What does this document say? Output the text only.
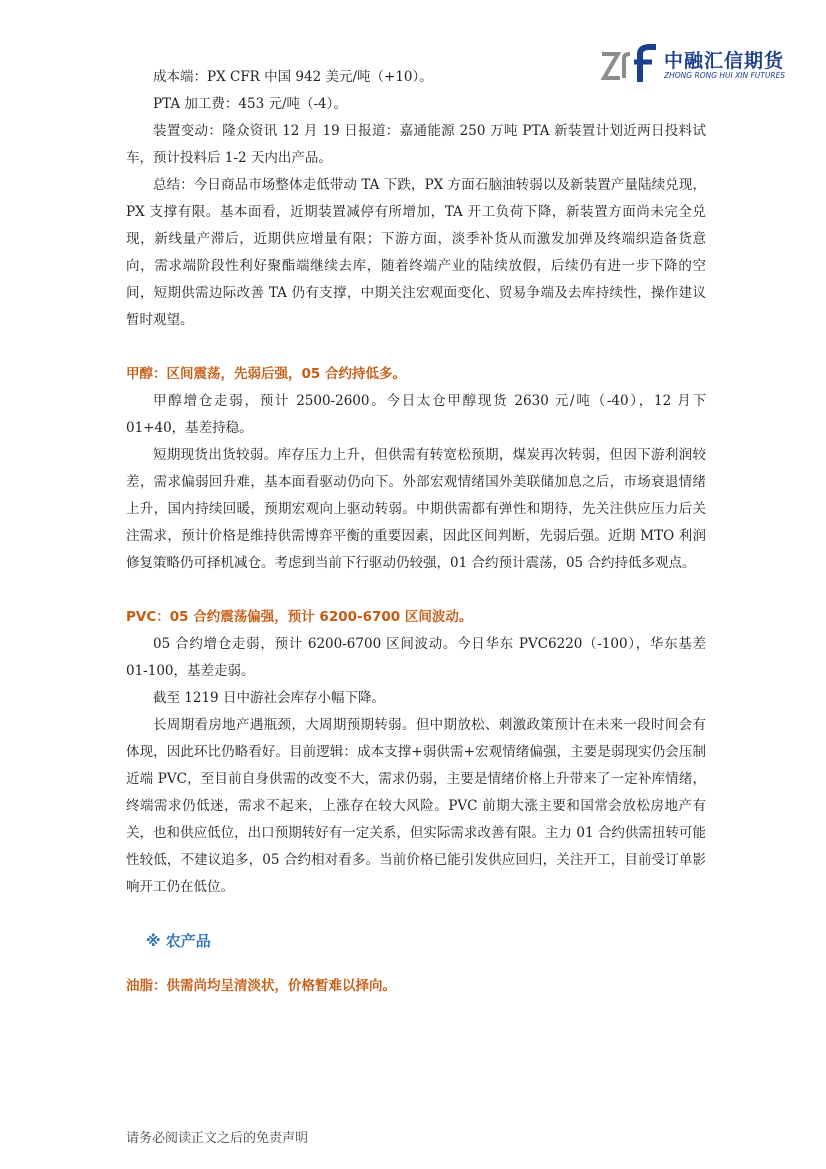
中融汇信期货
ZHONG RONG HUI XIN FUTURES

成本端：PX CFR 中国 942 美元/吨（+10）。

PTA 加工费：453 元/吨（-4）。

装置变动：隆众资讯 12 月 19 日报道：嘉通能源 250 万吨 PTA 新装置计划近两日投料试车，预计投料后 1-2 天内出产品。

总结：今日商品市场整体走低带动 TA 下跌，PX 方面石脑油转弱以及新装置产量陆续兑现，PX 支撑有限。基本面看，近期装置减停有所增加，TA 开工负荷下降，新装置方面尚未完全兑现，新线量产滞后，近期供应增量有限；下游方面，淡季补货从而激发加弹及终端织造备货意向，需求端阶段性利好聚酯端继续去库，随着终端产业的陆续放假，后续仍有进一步下降的空间，短期供需边际改善 TA 仍有支撑，中期关注宏观面变化、贸易争端及去库持续性，操作建议暂时观望。

甲醇：区间震荡，先弱后强，05 合约持低多。

甲醇增仓走弱，预计 2500-2600。今日太仓甲醇现货 2630 元/吨（-40），12 月下 01+40，基差持稳。

短期现货出货较弱。库存压力上升，但供需有转宽松预期，煤炭再次转弱，但因下游利润较差，需求偏弱回升难，基本面看驱动仍向下。外部宏观情绪国外美联储加息之后，市场衰退情绪上升，国内持续回暖，预期宏观向上驱动转弱。中期供需都有弹性和期待，先关注供应压力后关注需求，预计价格是维持供需博弈平衡的重要因素，因此区间判断，先弱后强。近期 MTO 利润修复策略仍可择机减仓。考虑到当前下行驱动仍较强，01 合约预计震荡，05 合约持低多观点。

PVC：05 合约震荡偏强，预计 6200-6700 区间波动。

05 合约增仓走弱，预计 6200-6700 区间波动。今日华东 PVC6220（-100），华东基差 01-100，基差走弱。

截至 1219 日中游社会库存小幅下降。

长周期看房地产遇瓶颈，大周期预期转弱。但中期放松、刺激政策预计在未来一段时间会有体现，因此环比仍略看好。目前逻辑：成本支撑+弱供需+宏观情绪偏强，主要是弱现实仍会压制近端 PVC，至目前自身供需的改变不大，需求仍弱，主要是情绪价格上升带来了一定补库情绪，终端需求仍低迷，需求不起来，上涨存在较大风险。PVC 前期大涨主要和国常会放松房地产有关，也和供应低位，出口预期转好有一定关系，但实际需求改善有限。主力 01 合约供需扭转可能性较低，不建议追多，05 合约相对看多。当前价格已能引发供应回归，关注开工，目前受订单影响开工仍在低位。

※ 农产品

油脂：供需尚均呈清淡状，价格暂难以择向。

请务必阅读正文之后的免责声明
